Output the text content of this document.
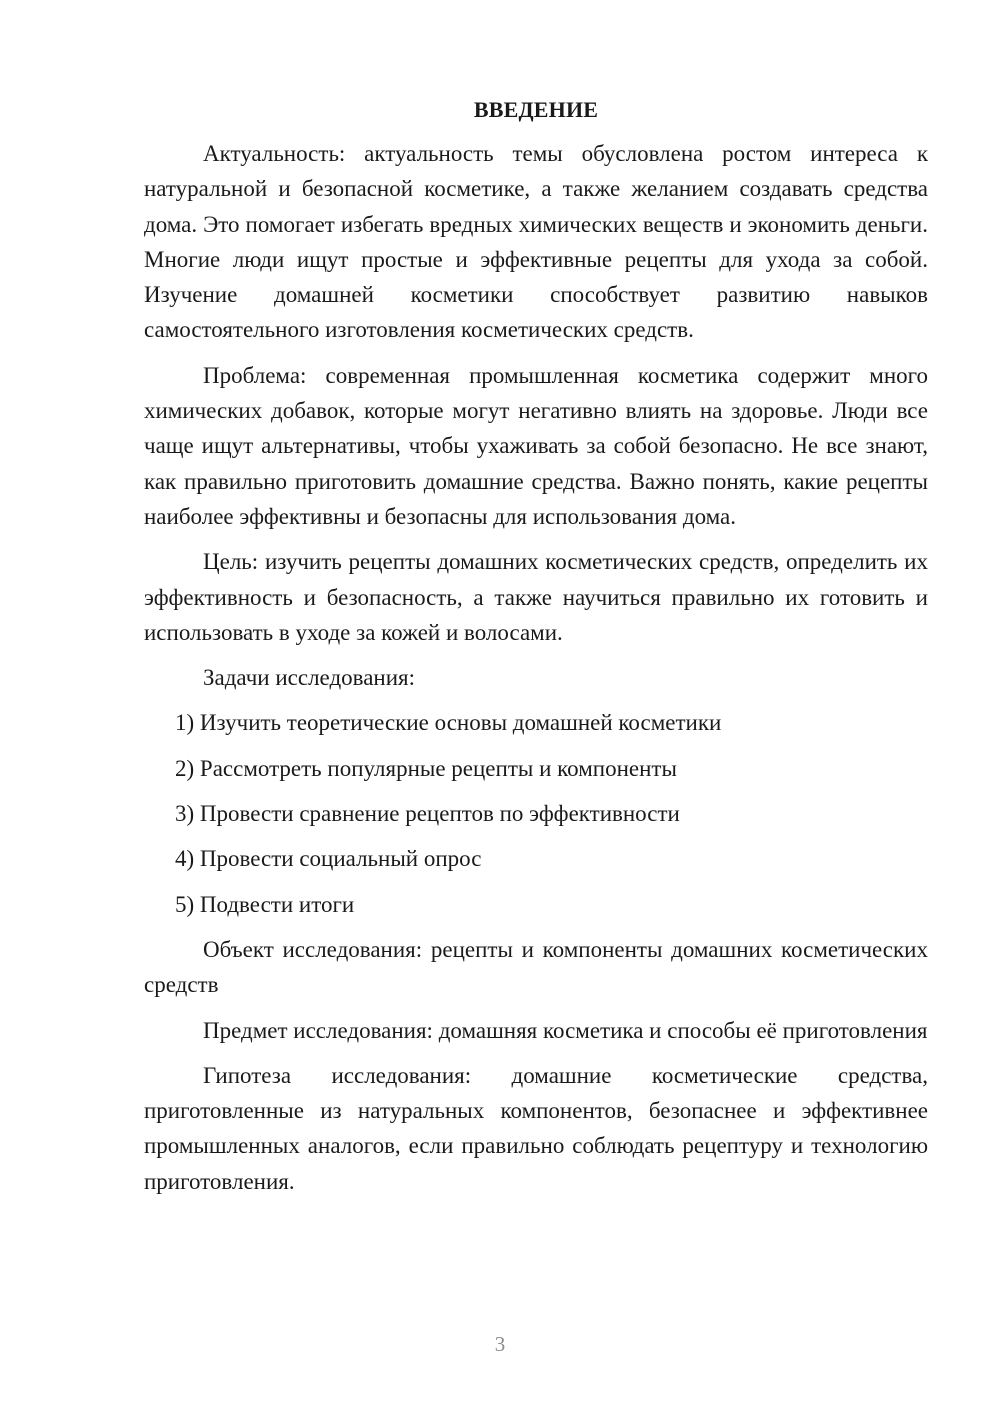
ВВЕДЕНИЕ

Актуальность: актуальность темы обусловлена ростом интереса к натуральной и безопасной косметике, а также желанием создавать средства дома. Это помогает избегать вредных химических веществ и экономить деньги. Многие люди ищут простые и эффективные рецепты для ухода за собой. Изучение домашней косметики способствует развитию навыков самостоятельного изготовления косметических средств.

Проблема: современная промышленная косметика содержит много химических добавок, которые могут негативно влиять на здоровье. Люди все чаще ищут альтернативы, чтобы ухаживать за собой безопасно. Не все знают, как правильно приготовить домашние средства. Важно понять, какие рецепты наиболее эффективны и безопасны для использования дома.

Цель: изучить рецепты домашних косметических средств, определить их эффективность и безопасность, а также научиться правильно их готовить и использовать в уходе за кожей и волосами.

Задачи исследования:

1) Изучить теоретические основы домашней косметики
2) Рассмотреть популярные рецепты и компоненты
3) Провести сравнение рецептов по эффективности
4) Провести социальный опрос
5) Подвести итоги

Объект исследования: рецепты и компоненты домашних косметических средств

Предмет исследования: домашняя косметика и способы её приготовления

Гипотеза исследования: домашние косметические средства, приготовленные из натуральных компонентов, безопаснее и эффективнее промышленных аналогов, если правильно соблюдать рецептуру и технологию приготовления.

3
